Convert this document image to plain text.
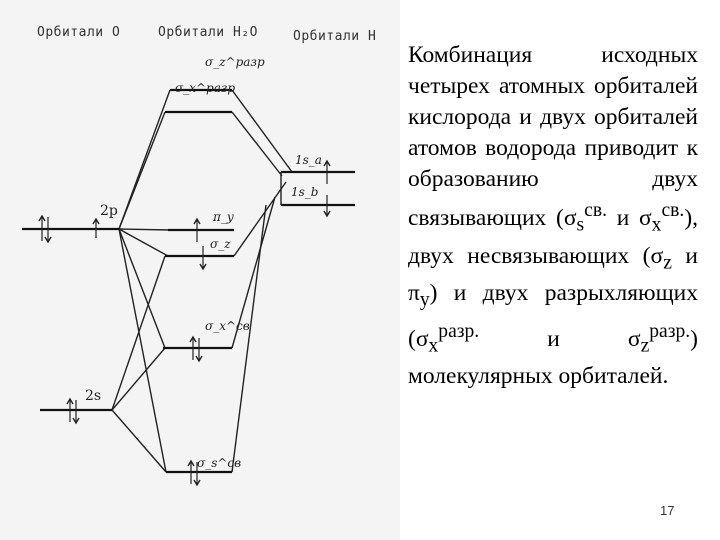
Орбитали O	Орбитали H₂O	Орбитали H
σ_z^разр
σ_x^разр
2p
2s
π_y
σ_z
σ_x^св
σ_s^св
1s_a
1s_b

Комбинация исходных четырех атомных орбиталей кислорода и двух орбиталей атомов водорода приводит к образованию двух связывающих ($\sigma_s^{св.}$ и $\sigma_x^{св.}$), двух несвязывающих ($\sigma_z$ и $\pi_y$) и двух разрыхляющих ($\sigma_x^{разр.}$ и $\sigma_z^{разр.}$) молекулярных орбиталей.

17
